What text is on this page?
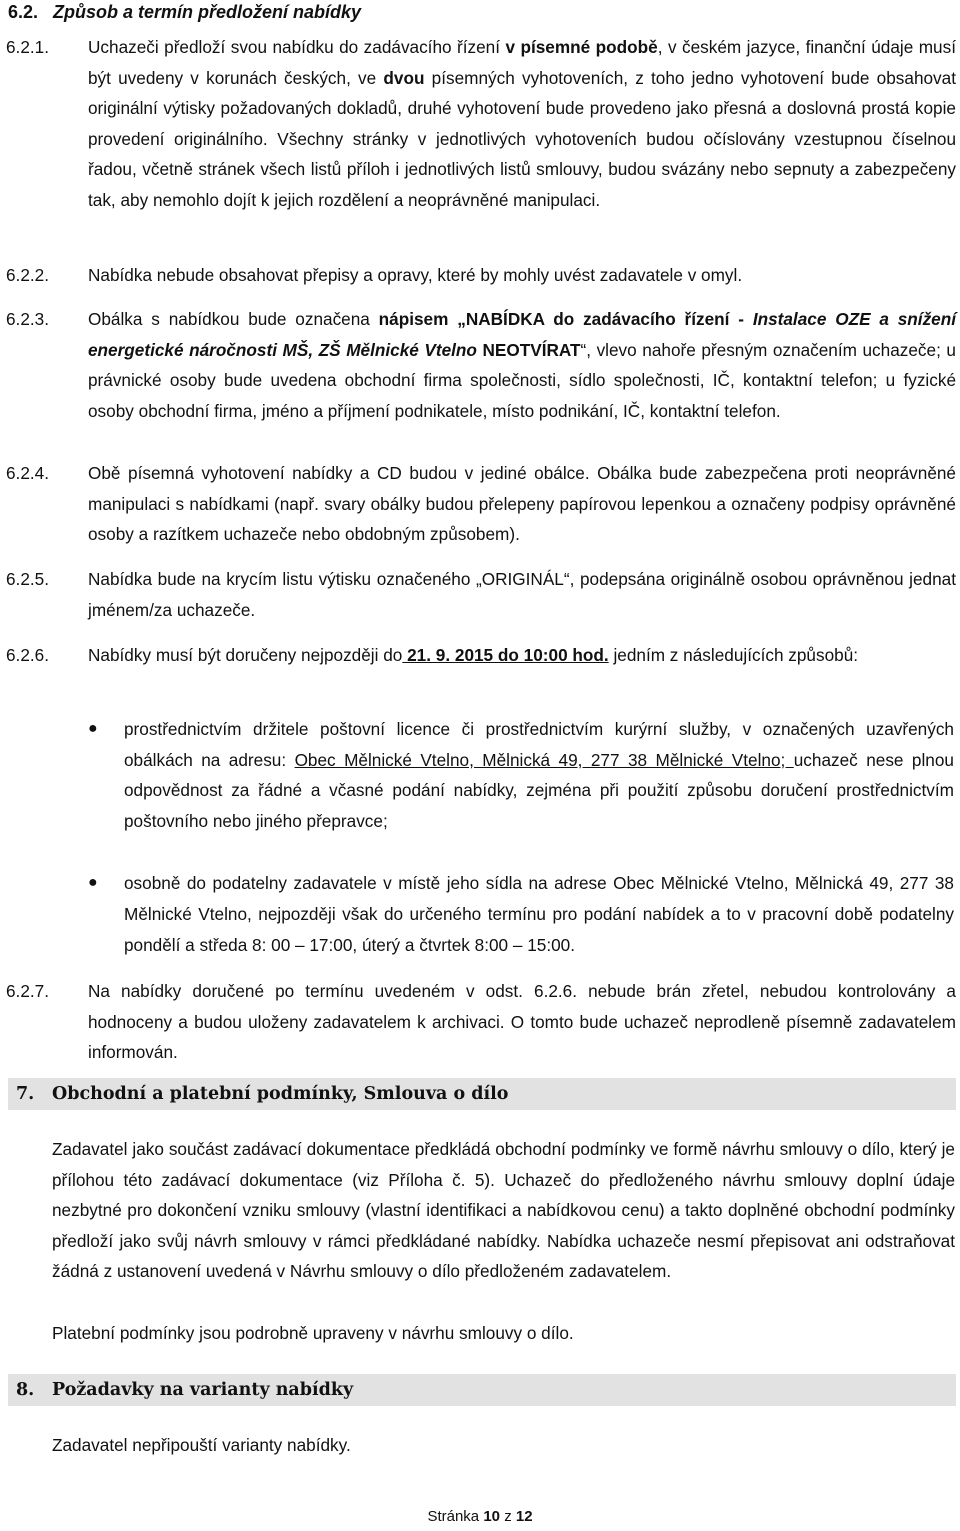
6.2. Způsob a termín předložení nabídky
6.2.1.	Uchazeči předloží svou nabídku do zadávacího řízení v písemné podobě, v českém jazyce, finanční údaje musí být uvedeny v korunách českých, ve dvou písemných vyhotoveních, z toho jedno vyhotovení bude obsahovat originální výtisky požadovaných dokladů, druhé vyhotovení bude provedeno jako přesná a doslovná prostá kopie provedení originálního. Všechny stránky v jednotlivých vyhotoveních budou očíslovány vzestupnou číselnou řadou, včetně stránek všech listů příloh i jednotlivých listů smlouvy, budou svázány nebo sepnuty a zabezpečeny tak, aby nemohlo dojít k jejich rozdělení a neoprávněné manipulaci.
6.2.2.	Nabídka nebude obsahovat přepisy a opravy, které by mohly uvést zadavatele v omyl.
6.2.3.	Obálka s nabídkou bude označena nápisem „NABÍDKA do zadávacího řízení - Instalace OZE a snížení energetické náročnosti MŠ, ZŠ Mělnické Vtelno NEOTVÍRAT“, vlevo nahoře přesným označením uchazeče; u právnické osoby bude uvedena obchodní firma společnosti, sídlo společnosti, IČ, kontaktní telefon; u fyzické osoby obchodní firma, jméno a příjmení podnikatele, místo podnikání, IČ, kontaktní telefon.
6.2.4.	Obě písemná vyhotovení nabídky a CD budou v jediné obálce. Obálka bude zabezpečena proti neoprávněné manipulaci s nabídkami (např. svary obálky budou přelepeny papírovou lepenkou a označeny podpisy oprávněné osoby a razítkem uchazeče nebo obdobným způsobem).
6.2.5.	Nabídka bude na krycím listu výtisku označeného „ORIGINÁL“, podepsána originálně osobou oprávněnou jednat jménem/za uchazeče.
6.2.6.	Nabídky musí být doručeny nejpozději do 21. 9. 2015 do 10:00 hod. jedním z následujících způsobů:
●	prostřednictvím držitele poštovní licence či prostřednictvím kurýrní služby, v označených uzavřených obálkách na adresu: Obec Mělnické Vtelno, Mělnická 49, 277 38 Mělnické Vtelno; uchazeč nese plnou odpovědnost za řádné a včasné podání nabídky, zejména při použití způsobu doručení prostřednictvím poštovního nebo jiného přepravce;
●	osobně do podatelny zadavatele v místě jeho sídla na adrese Obec Mělnické Vtelno, Mělnická 49, 277 38 Mělnické Vtelno, nejpozději však do určeného termínu pro podání nabídek a to v pracovní době podatelny pondělí a středa 8: 00 – 17:00, úterý a čtvrtek 8:00 – 15:00.
6.2.7.	Na nabídky doručené po termínu uvedeném v odst. 6.2.6. nebude brán zřetel, nebudou kontrolovány a hodnoceny a budou uloženy zadavatelem k archivaci. O tomto bude uchazeč neprodleně písemně zadavatelem informován.
7. Obchodní a platební podmínky, Smlouva o dílo
Zadavatel jako součást zadávací dokumentace předkládá obchodní podmínky ve formě návrhu smlouvy o dílo, který je přílohou této zadávací dokumentace (viz Příloha č. 5). Uchazeč do předloženého návrhu smlouvy doplní údaje nezbytné pro dokončení vzniku smlouvy (vlastní identifikaci a nabídkovou cenu) a takto doplněné obchodní podmínky předloží jako svůj návrh smlouvy v rámci předkládané nabídky. Nabídka uchazeče nesmí přepisovat ani odstraňovat žádná z ustanovení uvedená v Návrhu smlouvy o dílo předloženém zadavatelem.
Platební podmínky jsou podrobně upraveny v návrhu smlouvy o dílo.
8. Požadavky na varianty nabídky
Zadavatel nepřipouští varianty nabídky.
Stránka 10 z 12
